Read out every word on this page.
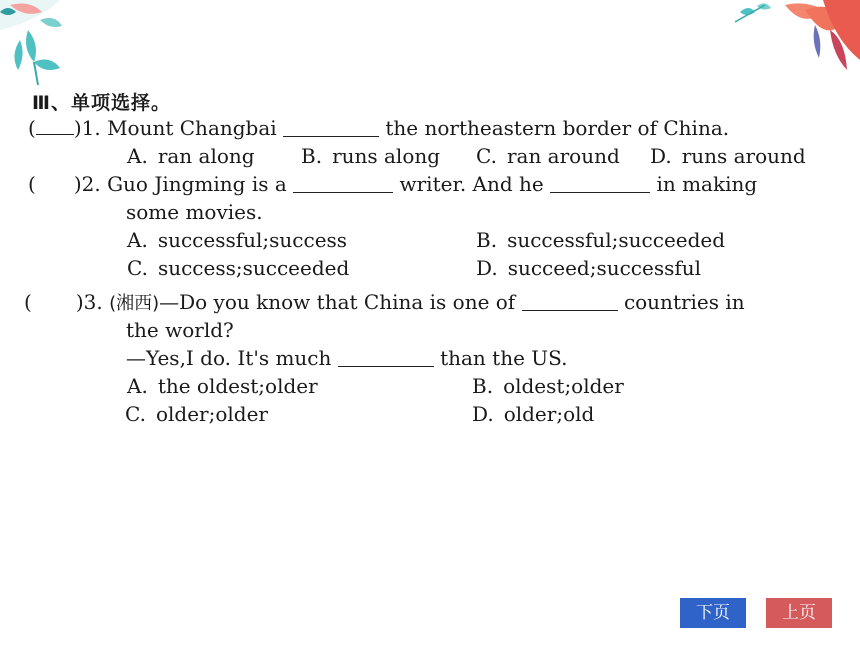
Ⅲ、单项选择。
( )1. Mount Changbai	the northeastern border of China.
A. ran along B. runs along C. ran around D. runs around
( )2. Guo Jingming is a	writer. And he	in making
some movies.
A. successful;success	B. successful;succeeded
C. success;succeeded	D. succeed;successful
( )3. (湘西)—Do you know that China is one of	countries in
the world?
—Yes,I do. It's much	than the US.
A. the oldest;older	B. oldest;older
C. older;older	D. older;old
下页	上页
